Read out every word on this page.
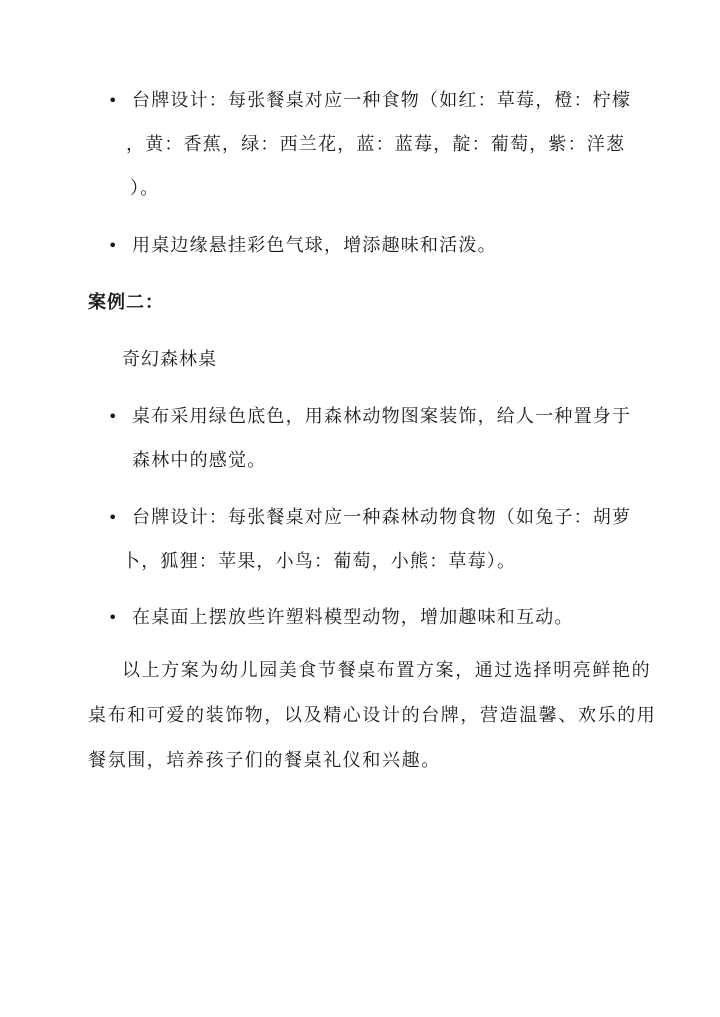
• 台牌设计：每张餐桌对应一种食物（如红：草莓，橙：柠檬
，黄：香蕉，绿：西兰花，蓝：蓝莓，靛：葡萄，紫：洋葱
）。
• 用桌边缘悬挂彩色气球，增添趣味和活泼。
案例二：

奇幻森林桌

• 桌布采用绿色底色，用森林动物图案装饰，给人一种置身于
森林中的感觉。
• 台牌设计：每张餐桌对应一种森林动物食物（如兔子：胡萝
卜，狐狸：苹果，小鸟：葡萄，小熊：草莓）。
• 在桌面上摆放些许塑料模型动物，增加趣味和互动。
以上方案为幼儿园美食节餐桌布置方案，通过选择明亮鲜艳的
桌布和可爱的装饰物，以及精心设计的台牌，营造温馨、欢乐的用
餐氛围，培养孩子们的餐桌礼仪和兴趣。
